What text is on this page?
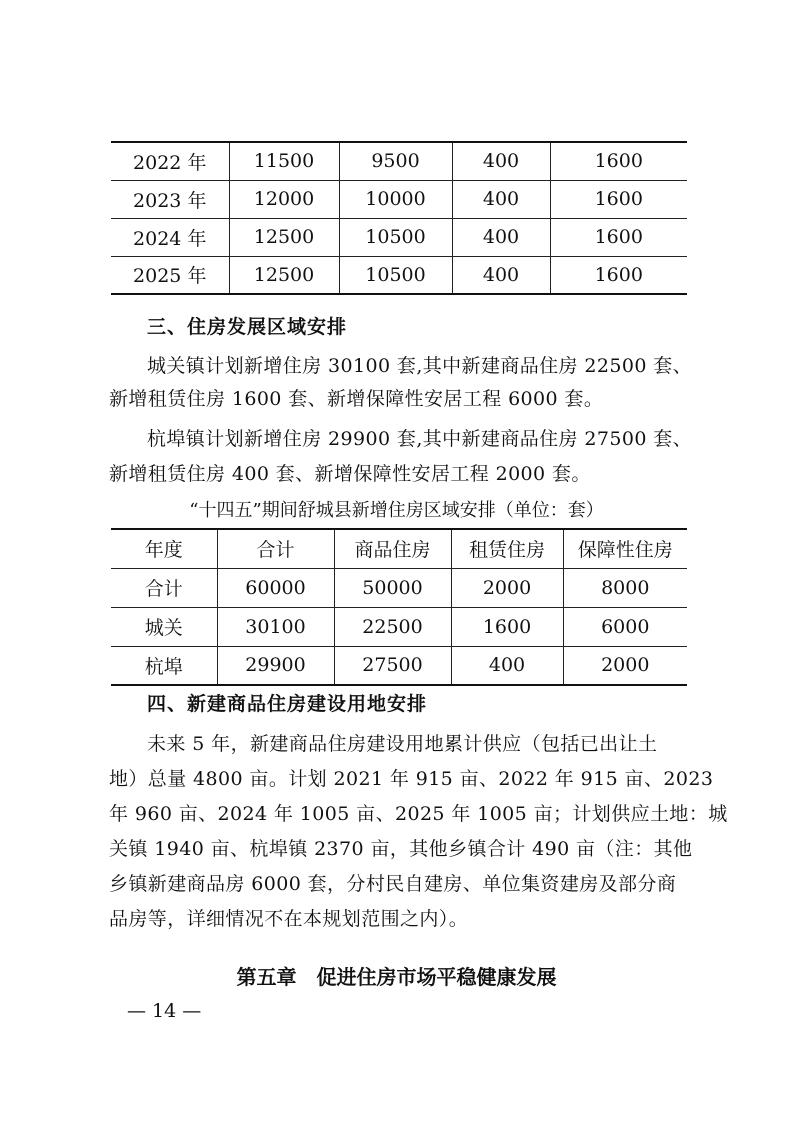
2022 年	11500	9500	400	1600
2023 年	12000	10000	400	1600
2024 年	12500	10500	400	1600
2025 年	12500	10500	400	1600
三、住房发展区域安排
城关镇计划新增住房 30100 套,其中新建商品住房 22500 套、
新增租赁住房 1600 套、新增保障性安居工程 6000 套。
杭埠镇计划新增住房 29900 套,其中新建商品住房 27500 套、
新增租赁住房 400 套、新增保障性安居工程 2000 套。
“十四五”期间舒城县新增住房区域安排（单位：套）
年度	合计	商品住房	租赁住房	保障性住房
合计	60000	50000	2000	8000
城关	30100	22500	1600	6000
杭埠	29900	27500	400	2000
四、新建商品住房建设用地安排
未来 5 年，新建商品住房建设用地累计供应（包括已出让土
地）总量 4800 亩。计划 2021 年 915 亩、2022 年 915 亩、2023
年 960 亩、2024 年 1005 亩、2025 年 1005 亩；计划供应土地：城
关镇 1940 亩、杭埠镇 2370 亩，其他乡镇合计 490 亩（注：其他
乡镇新建商品房 6000 套，分村民自建房、单位集资建房及部分商
品房等，详细情况不在本规划范围之内）。
第五章　促进住房市场平稳健康发展
— 14 —
